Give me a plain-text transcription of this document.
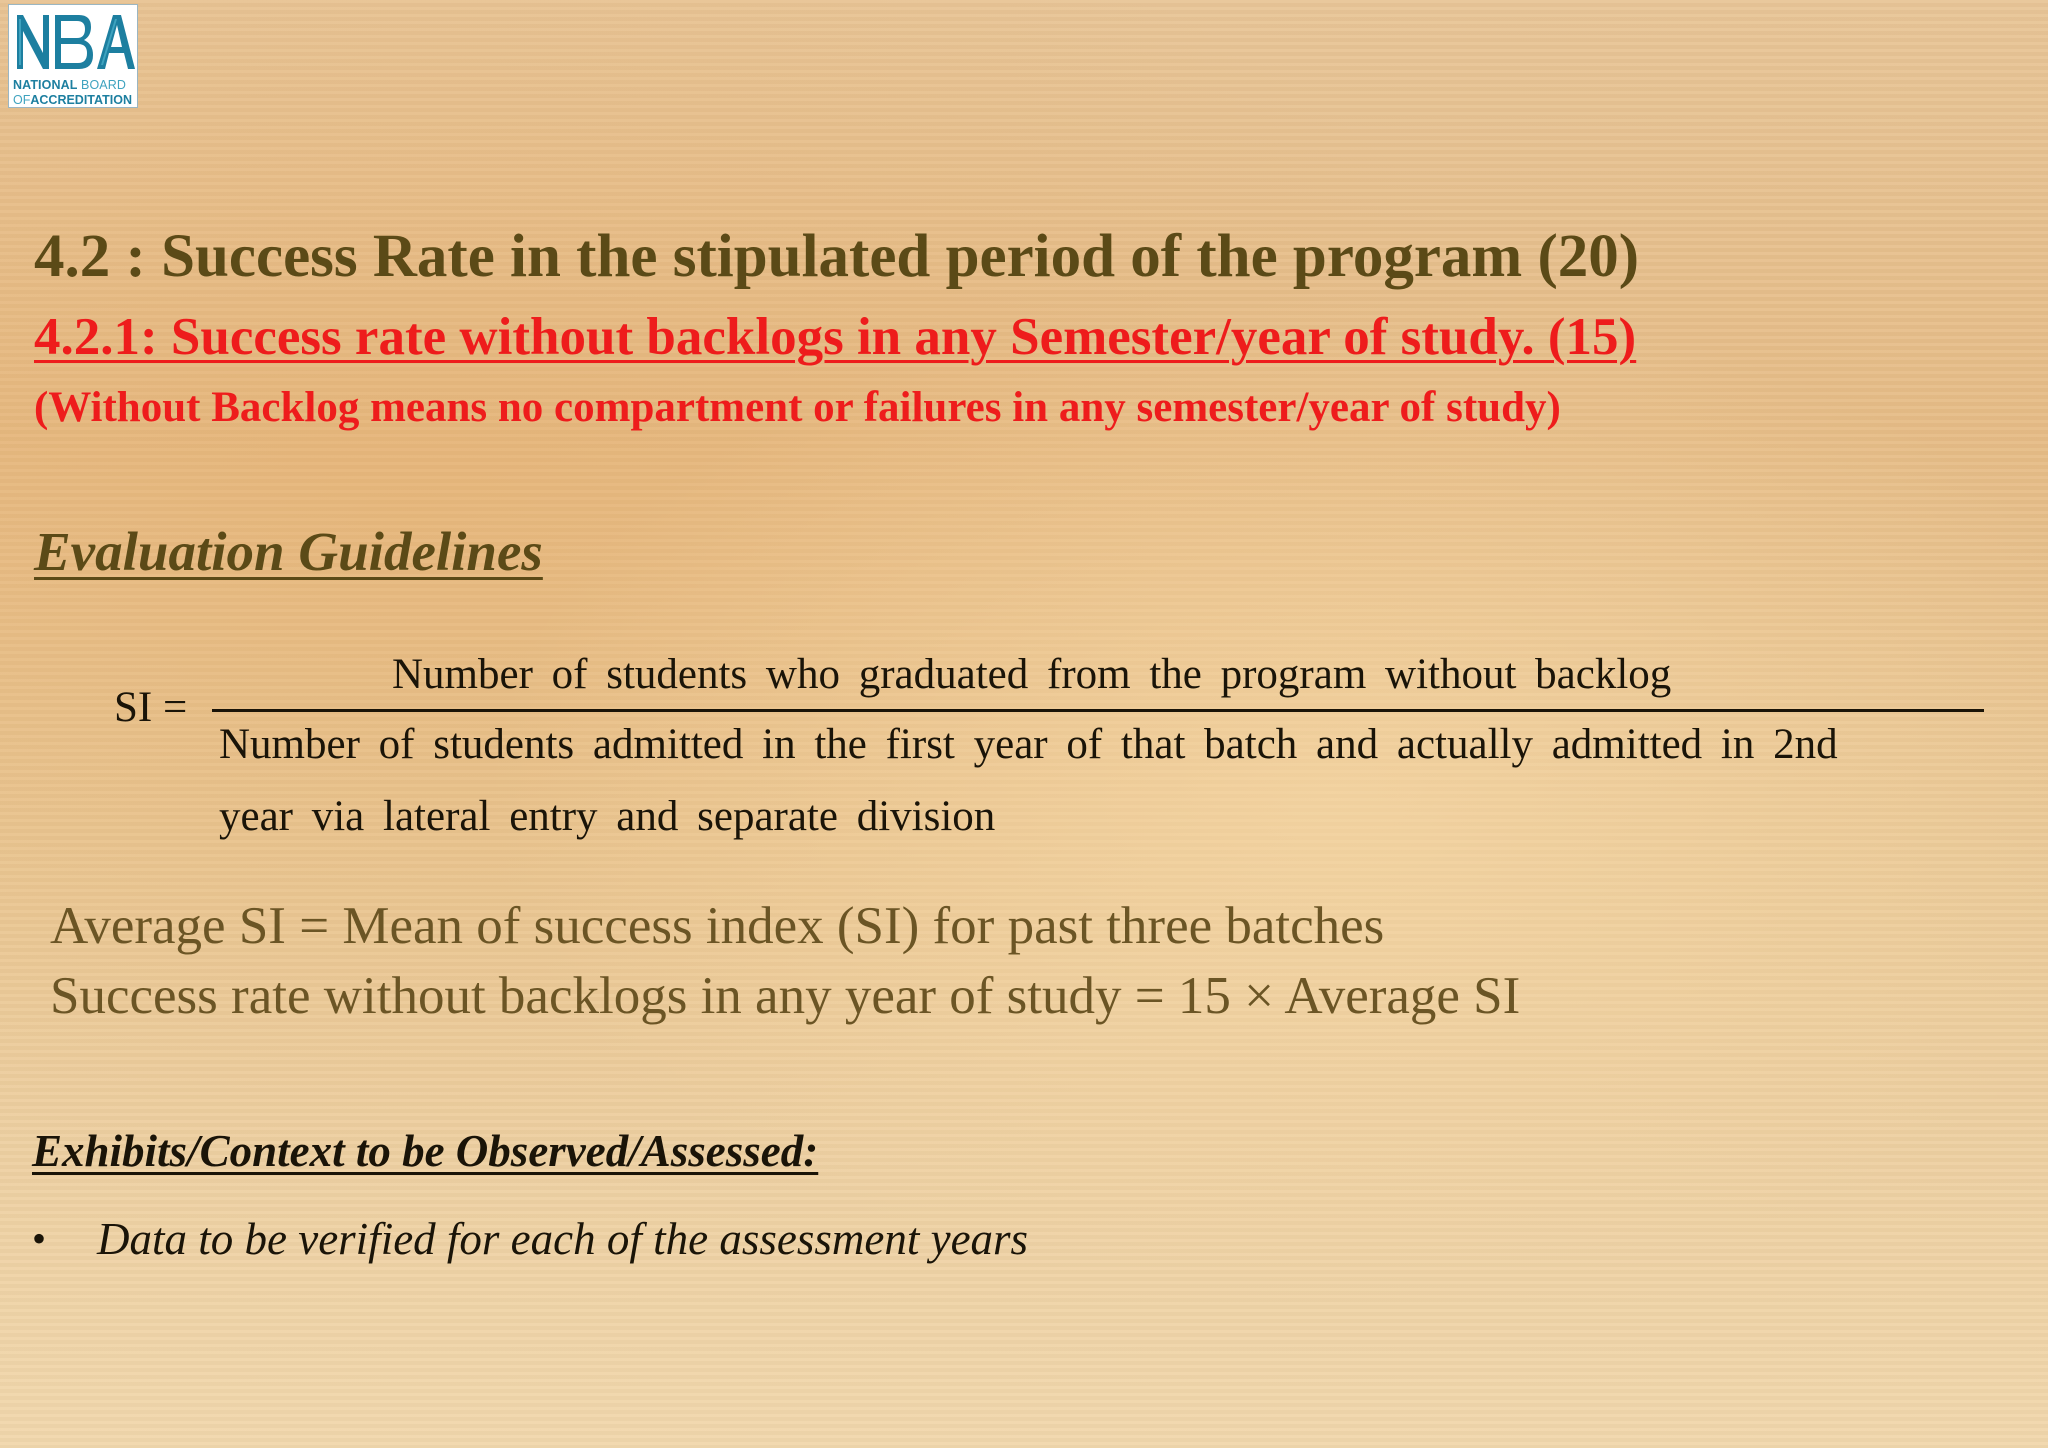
NATIONAL BOARD
OFACCREDITATION
4.2 : Success Rate in the stipulated period of the program (20)
4.2.1: Success rate without backlogs in any Semester/year of study. (15)

(Without Backlog means no compartment or failures in any semester/year of study)

Evaluation Guidelines
SI =
Number of students who graduated from the program without backlog
Number of students admitted in the first year of that batch and actually admitted in 2nd
year via lateral entry and separate division

Average SI = Mean of success index (SI) for past three batches

Success rate without backlogs in any year of study = 15 × Average SI

Exhibits/Context to be Observed/Assessed:
• Data to be verified for each of the assessment years
